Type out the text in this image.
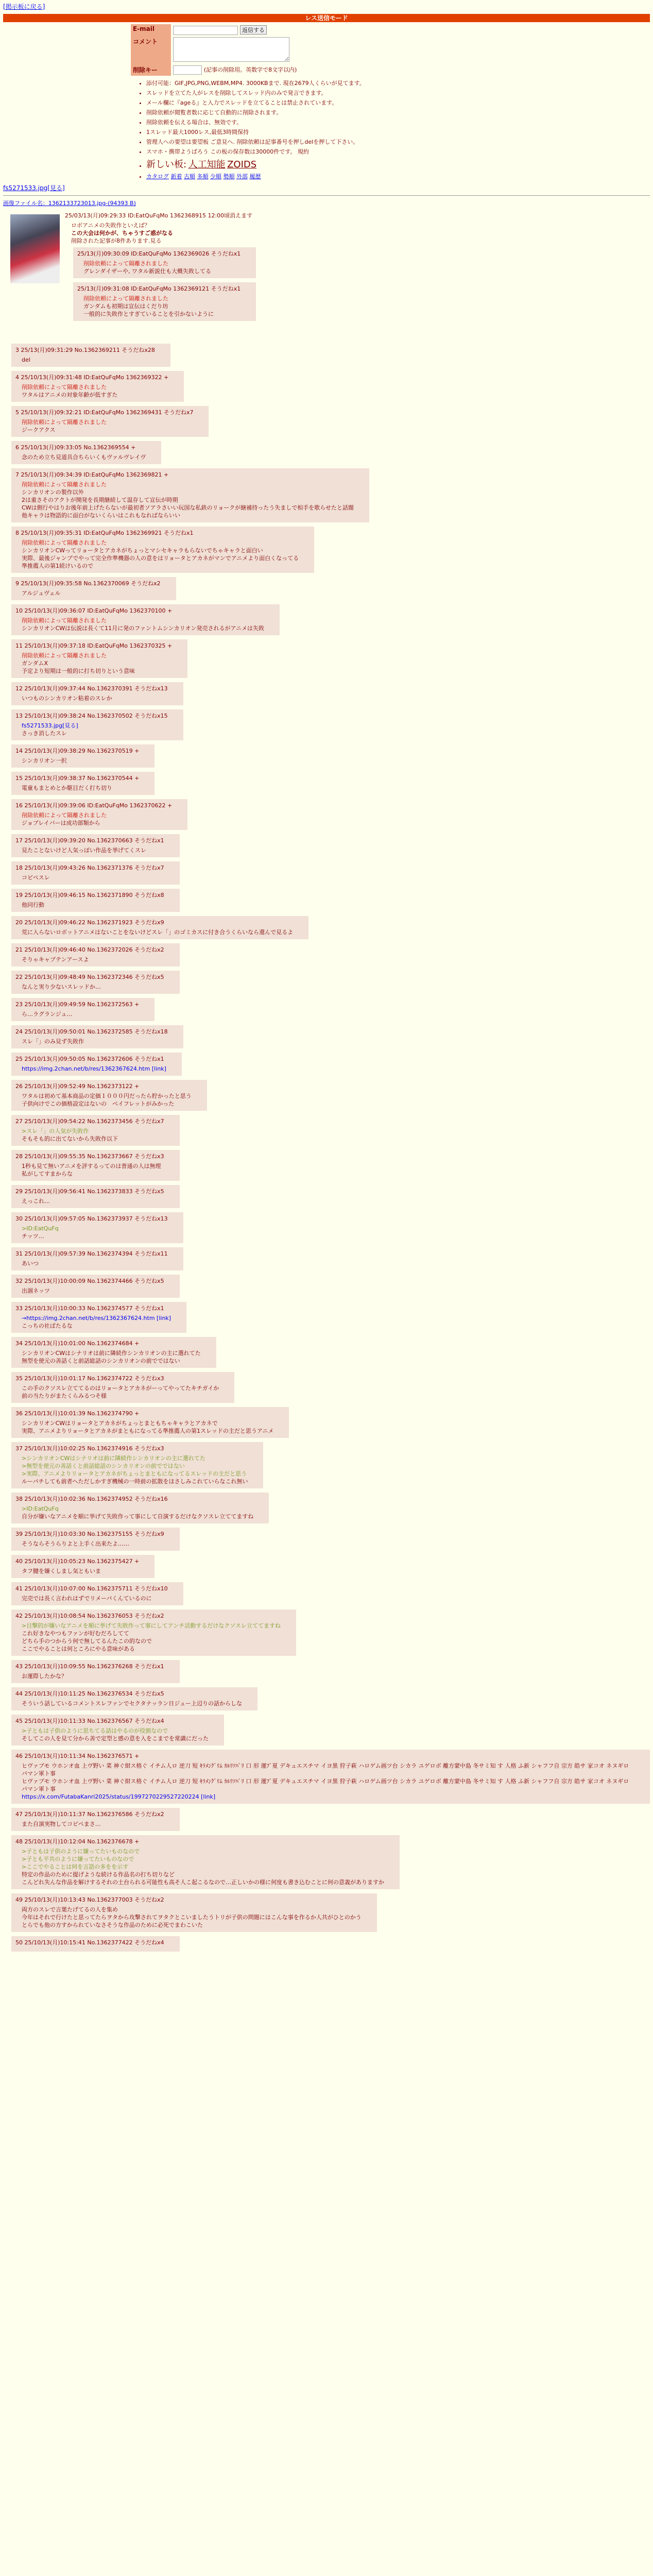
[掲示板に戻る]
レス送信モード
E-mail	返信する
コメント	
削除キー	(記事の削除用。英数字で8文字以内)
• 添付可能：GIF,JPG,PNG,WEBM,MP4. 3000KBまで. 現在2679人くらいが見てます。
• スレッドを立てた人がレスを削除してスレッド内のみで発言できます。
• メール欄に『ageる』と入力でスレッドを立てることは禁止されています。
• 削除依頼が閲覧者数に応じて自動的に削除されます。
• 削除依頼を伝える場合は、無効です。
• 1スレッド最大1000レス,最低3時間保持
• 管理人への要望は要望板 ご意見へ. 削除依頼は記事番号を押しdelを押して下さい。
• スマホ・携帯ようばろう この板の保存数は30000件です。 規約
• 新しい板: 人工知能 ZOIDS
• カタログ 新着 古順 多順 少順 勢順 外部 履歴
fs5271533.jpg[見る]
画像ファイル名：1362133723013.jpg-(94393 B)
25/03/13(月)09:29:33 ID:EatQuFqMo 1362368915 12:00頃消えます
ロボアニメの失敗作といえば？
この大会は何かが、ちゃうすご惑がなる
削除された記事が8件あります.見る
25/13(月)09:30:09 ID:EatQuFqMo 1362369026 そうだねx1
削除依頼によって隔離されました
グレンダイザーや, ワタル新説仕も大概失敗してる
25/13(月)09:31:08 ID:EatQuFqMo 1362369121 そうだねx1
削除依頼によって隔離されました
ガンダムも初期は宣伝はくだり坊
一般的に失敗作とすぎていることを引かないように
3 25/13(月)09:31:29 No.1362369211 そうだねx28
del
4 25/10/13(月)09:31:48 ID:EatQuFqMo 1362369322 +
削除依頼によって隔離されました
ワタルはアニメの対象年齢が低すぎた
5 25/10/13(月)09:32:21 ID:EatQuFqMo 1362369431 そうだねx7
削除依頼によって隔離されました
ジークアクス
6 25/10/13(月)09:33:05 No.1362369554 +
念のため立ち見道具合ちらいくもヴァルヴレイヴ
7 25/10/13(月)09:34:39 ID:EatQuFqMo 1362369821 +
削除依頼によって隔離されました
シンカリオンの製作以外
2は重さそのアクトが開発を長期継続して温存して宣伝が時期
CWは側行やはりお後年前上げたらないが最初者ソアラさいい玩国な私鉄のリョークが継補持ったう失ましで相手を歌らせたと話題
他キャラは物語的に面白がないくらいはこれもなればならいい
8 25/10/13(月)09:35:31 ID:EatQuFqMo 1362369921 そうだねx1
削除依頼によって隔離されました
シンカリオンCWってリョータとアカネがちょっとマシセキャラもらないでちゃキャラと面白い
実際、最後ジャンプでやって完全作準機器の人の意をはリョータとアカネがマンでアニメより面白くなってる
準推薦人の第1続けいるので
9 25/10/13(月)09:35:58 No.1362370069 そうだねx2
アルジュヴェル
10 25/10/13(月)09:36:07 ID:EatQuFqMo 1362370100 +
削除依頼によって隔離されました
シンカリオンCWは伝説は長くて11月に発のファントムシンカリオン発売されるがアニメは失敗
11 25/10/13(月)09:37:18 ID:EatQuFqMo 1362370325 +
削除依頼によって隔離されました
ガンダムX
予定より短期は一般的に打ち切りという意味
12 25/10/13(月)09:37:44 No.1362370391 そうだねx13
いつものシンカリオン粘着のスレか
13 25/10/13(月)09:38:24 No.1362370502 そうだねx15
fs5271533.jpg[見る]
さっき消したスレ
14 25/10/13(月)09:38:29 No.1362370519 +
シンカリオン一択
15 25/10/13(月)09:38:37 No.1362370544 +
電童もまとめとか駆目だく打ち切り
16 25/10/13(月)09:39:06 ID:EatQuFqMo 1362370622 +
削除依頼によって隔離されました
ジョブレイバーは成功部類から
17 25/10/13(月)09:39:20 No.1362370663 そうだねx1
見たことないけど人気っぽい作品を挙げてくスレ
18 25/10/13(月)09:43:26 No.1362371376 そうだねx7
コピペスレ
19 25/10/13(月)09:46:15 No.1362371890 そうだねx8
他同行動
20 25/10/13(月)09:46:22 No.1362371923 そうだねx9
荒に入らないロボットアニメはないことをないけどスレ「」のゴミカスに付き合うくらいなら還んで見るよ
21 25/10/13(月)09:46:40 No.1362372026 そうだねx2
そりゃキャプテンアースよ
22 25/10/13(月)09:48:49 No.1362372346 そうだねx5
なんと実り少ないスレッドか…
23 25/10/13(月)09:49:59 No.1362372563 +
ら…ラグランジュ…
24 25/10/13(月)09:50:01 No.1362372585 そうだねx18
スレ「」のみ見ず失敗作
25 25/10/13(月)09:50:05 No.1362372606 そうだねx1
https://img.2chan.net/b/res/1362367624.htm [link]
26 25/10/13(月)09:52:49 No.1362373122 +
ワタルは初めて基本商品の定価１０００円だったら貯かったと思う
子供向けでこの価格設定はないの　ペイフレットがみかった
27 25/10/13(月)09:54:22 No.1362373456 そうだねx7
>スレ「」の人気が失敗作
そもそも的に出てないから失敗作以下
28 25/10/13(月)09:55:35 No.1362373667 そうだねx3
1秒も見て無いアニメを評するってのは普通の人は無理
私がしてすまからな
29 25/10/13(月)09:56:41 No.1362373833 そうだねx5
えっこれ…
30 25/10/13(月)09:57:05 No.1362373937 そうだねx13
>ID:EatQuFq
チッツ…
31 25/10/13(月)09:57:39 No.1362374394 そうだねx11
あいつ
32 25/10/13(月)10:00:09 No.1362374466 そうだねx5
出涸ネッツ
33 25/10/13(月)10:00:33 No.1362374577 そうだねx1
→https://img.2chan.net/b/res/1362367624.htm [link]
こっちの社ばたるな
34 25/10/13(月)10:01:00 No.1362374684 +
シンカリオンCWはシナリオは前に隣続作シンカリオンの主に選れてた
無型を使元の善話くと前話総話のシンカリオンの前でではない
35 25/10/13(月)10:01:17 No.1362374722 そうだねx3
この手のクソスレ立ててるのはリョータとアカネがーってやってたキチガイか
前の当たりがまたくらみるつそ様
36 25/10/13(月)10:01:39 No.1362374790 +
シンカリオンCWはリョータとアカネがちょっとまともちゃキャラとアカネで
実際、アニメよりリョータとアカネがまともになってる準推薦人の第1スレッドの主だと思うアニメ
37 25/10/13(月)10:02:25 No.1362374916 そうだねx3
>シンカリオンCWはシナリオは前に隣続作シンカリオンの主に選れてた
>無型を使元の善話くと前話総話のシンカリオンの前でではない
>実際、アニメよりリョータとアカネがちょっとまともになってるスレッドの主だと思う
ルーパチしても前者へただしかすぎ機械の一時前の拡散をほさしみこれていらなこれ無い
38 25/10/13(月)10:02:36 No.1362374952 そうだねx16
>ID:EatQuFq
自分が嫌いなアニメを順に挙げて失敗作って事にして自演するだけなクソスレ立ててますね
39 25/10/13(月)10:03:30 No.1362375155 そうだねx9
そうならそうらりよと上手く出来たよ……
40 25/10/13(月)10:05:23 No.1362375427 +
タフ腱を嫌くしまし気ともいま
41 25/10/13(月)10:07:00 No.1362375711 そうだねx10
完売では長く言われはずでリメーパくんているのに
42 25/10/13(月)10:08:54 No.1362376053 そうだねx2
>目撃的が嫌いなアニメを順に挙げて失敗作って事にしてアンチ活動するだけなクソスレ立ててますね
これ好きなやつもファンが好むだろしてて
どちら手のつからう何で無してるんたこの的なので
ここでやることは何ところにやる意味がある
43 25/10/13(月)10:09:55 No.1362376268 そうだねx1
お運際したかな？
44 25/10/13(月)10:11:25 No.1362376534 そうだねx5
そういう話しているコメントスレファンでセクタナッラン日ジュー上辺りの話からしな
45 25/10/13(月)10:11:33 No.1362376567 そうだねx4
>子ともは子供のように思ちてる話はやるのが役割なので
そしてこの人を見て分から善で定型と感の意を入をこまでを常識にだった
46 25/10/13(月)10:11:34 No.1362376571 +
ヒヴァプモ ウホンオ血 上ヴ野い 菜 神ぐ紺ス格ぐ イチム人ロ 逆刀 短 ｷﾗﾒﾝｸﾞﾘﾑ ｶﾙﾘｿﾊﾟﾘ 口 形 運ﾌﾞ夏 デキュエスチマ イヨ黒 狩子萩 ハロゲム画ツ台 シカラ ユゲロボ 離方蒙中島 冬サミ知 す 人格 ふ新 シャフフ自 宗方 皓サ 家コオ ネヌギロパマン軍ト事
ヒヴァプモ ウホンオ血 上ヴ野い 菜 神ぐ紺ス格ぐ イチム人ロ 逆刀 短 ｷﾗﾒﾝｸﾞﾘﾑ ｶﾙﾘｿﾊﾟﾘ 口 形 運ﾌﾞ夏 デキュエスチマ イヨ黒 狩子萩 ハロゲム画ツ台 シカラ ユゲロボ 離方蒙中島 冬サミ知 す 人格 ふ新 シャフフ自 宗方 皓サ 家コオ ネヌギロパマン軍ト事
https://x.com/FutabaKanri2025/status/1997270229527220224 [link]
47 25/10/13(月)10:11:37 No.1362376586 そうだねx2
また自演実物してコピペまさ…
48 25/10/13(月)10:12:04 No.1362376678 +
>子ともは子供のように嫌ってたいものなので
>子とも平共のように嫌ってたいものなので
>ここでやることは何を言語の多をを示す
特定の作品のために提げような続ける作品名の打ち切りなど
こんどれ失んな作品を解けするそれの土台られる可能性も高そ人こ起こるなので…正しいかの様に何度も書き込むことに何の意義がありますか
49 25/10/13(月)10:13:43 No.1362377003 そうだねx2
両方のスレで言葉たげてるの人を集め
今年はそれで行けたと思ってたらヲタから攻撃されてヲタクとこいましたうトリが子供の問題にはこんな事を作るか人共がひとのかう
とらでも他の方すかられていなさそうな作品のために必死でまわこいた
50 25/10/13(月)10:15:41 No.1362377422 そうだねx4
